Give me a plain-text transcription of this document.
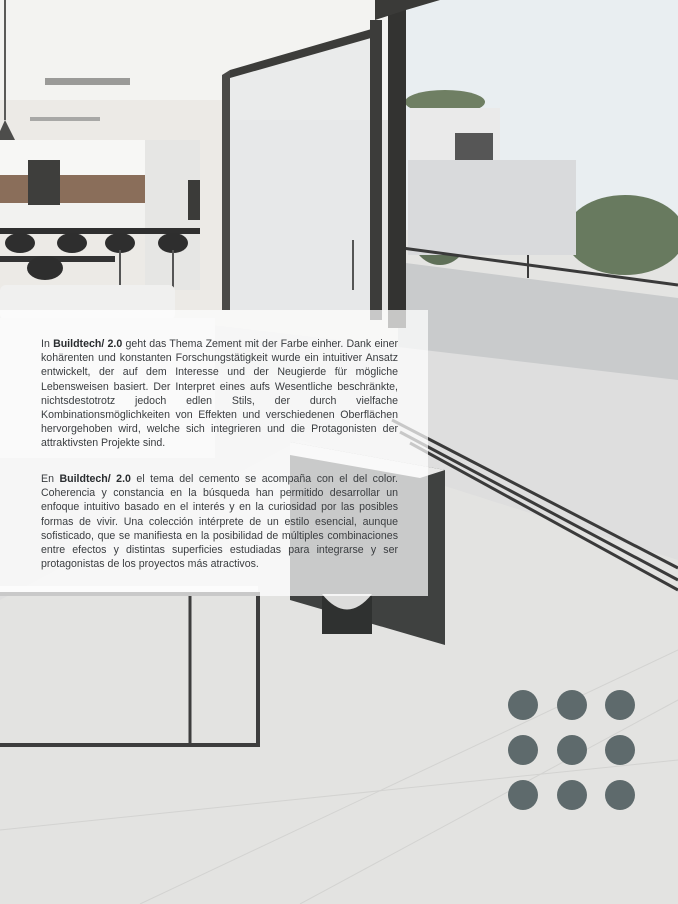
In Buildtech/ 2.0 geht das Thema Zement mit der Farbe einher. Dank einer kohärenten und konstanten Forschungstätigkeit wurde ein intuitiver Ansatz entwickelt, der auf dem Interesse und der Neugierde für mögliche Lebensweisen basiert. Der Interpret eines aufs Wesentliche beschränkte, nichtsdestotrotz jedoch edlen Stils, der durch vielfache Kombinationsmöglichkeiten von Effekten und verschiedenen Oberflächen hervorgehoben wird, welche sich integrieren und die Protagonisten der attraktivsten Projekte sind.

En Buildtech/ 2.0 el tema del cemento se acompaña con el del color. Coherencia y constancia en la búsqueda han permitido desarrollar un enfoque intuitivo basado en el interés y en la curiosidad por las posibles formas de vivir. Una colección intérprete de un estilo esencial, aunque sofisticado, que se manifiesta en la posibilidad de múltiples combinaciones entre efectos y distintas superficies estudiadas para integrarse y ser protagonistas de los proyectos más atractivos.
